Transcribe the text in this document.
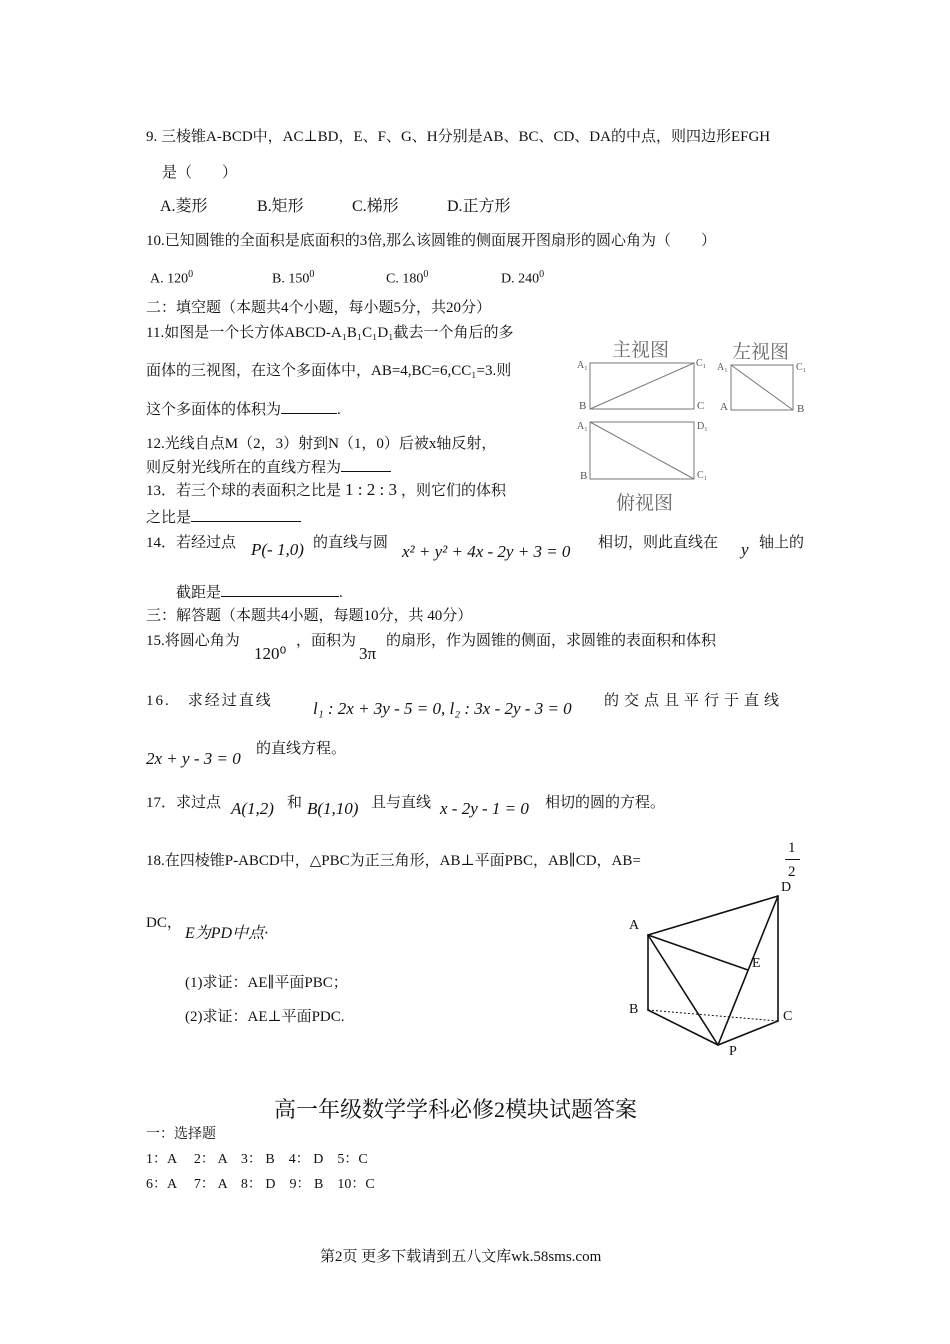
9. 三棱锥A-BCD中，AC⊥BD，E、F、G、H分别是AB、BC、CD、DA的中点，则四边形EFGH
是（　　）
A.菱形	B.矩形	C.梯形	D.正方形
10.已知圆锥的全面积是底面积的3倍,那么该圆锥的侧面展开图扇形的圆心角为（　　）
A. $120^0$	B. $150^0$	C. $180^0$	D. $240^0$
二：填空题（本题共4个小题，每小题5分，共20分）
11.如图是一个长方体ABCD-A₁B₁C₁D₁截去一个角后的多
面体的三视图，在这个多面体中，AB=4,BC=6,CC₁=3.则
这个多面体的体积为	.
主视图	左视图
俯视图
A₁	C₁
B	C
A₁	C₁
A	B
A₁	D₁
B	C₁
12.光线自点M（2，3）射到N（1，0）后被x轴反射，
则反射光线所在的直线方程为
13．若三个球的表面积之比是 1 : 2 : 3 ，则它们的体积
之比是
14．若经过点 P(- 1,0) 的直线与圆 x² + y² + 4x - 2y + 3 = 0 相切，则此直线在 y 轴上的
截距是	.
三：解答题（本题共4小题，每题10分，共 40分）
15.将圆心角为
120⁰
，面积为
3π
的扇形，作为圆锥的侧面，求圆锥的表面积和体积
16.　求经过直线 l₁ : 2x + 3y - 5 = 0, l₂ : 3x - 2y - 3 = 0 的交点且平行于直线
2x + y - 3 = 0 的直线方程。
17．求过点 A(1,2) 和 B(1,10) 且与直线 x - 2y - 1 = 0 相切的圆的方程。
18.在四棱锥P-ABCD中，△PBC为正三角形，AB⊥平面PBC，AB∥CD，AB=
1
2
DC，
E为PD中点·
(1)求证：AE∥平面PBC；
(2)求证：AE⊥平面PDC.
D
A
E
B	C
P
高一年级数学学科必修2模块试题答案
一：选择题
1：A　 2： A　3： B　4： D　5：C
6：A　 7： A　8： D　9： B　10：C
第2页 更多下载请到五八文库wk.58sms.com
